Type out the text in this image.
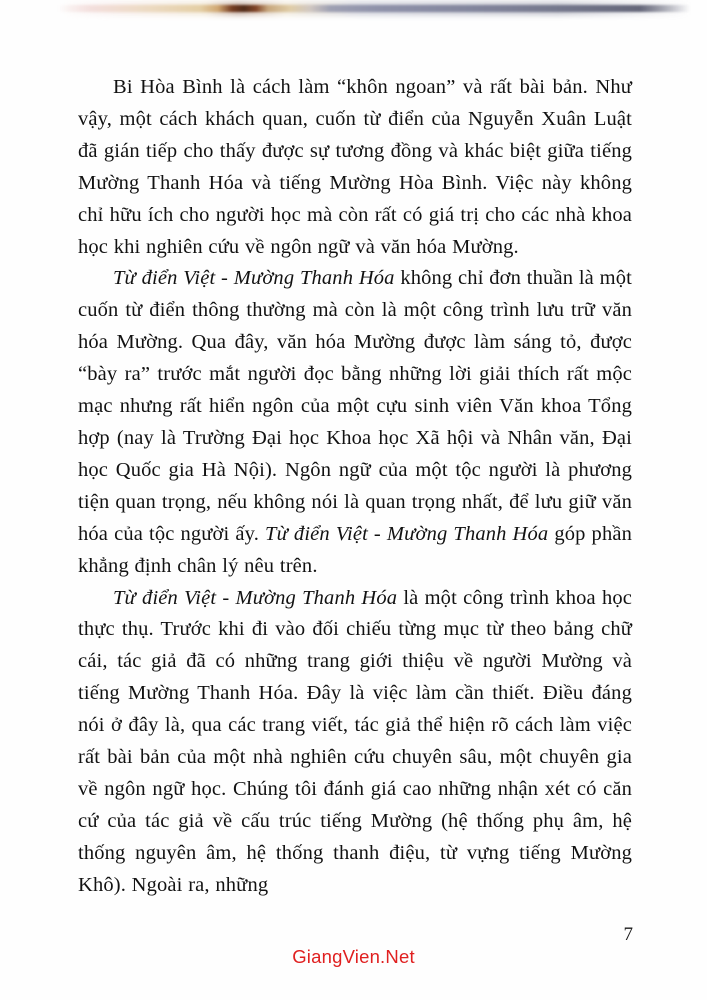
Bi Hòa Bình là cách làm “khôn ngoan” và rất bài bản. Như vậy, một cách khách quan, cuốn từ điển của Nguyễn Xuân Luật đã gián tiếp cho thấy được sự tương đồng và khác biệt giữa tiếng Mường Thanh Hóa và tiếng Mường Hòa Bình. Việc này không chỉ hữu ích cho người học mà còn rất có giá trị cho các nhà khoa học khi nghiên cứu về ngôn ngữ và văn hóa Mường.

Từ điển Việt - Mường Thanh Hóa không chỉ đơn thuần là một cuốn từ điển thông thường mà còn là một công trình lưu trữ văn hóa Mường. Qua đây, văn hóa Mường được làm sáng tỏ, được “bày ra” trước mắt người đọc bằng những lời giải thích rất mộc mạc nhưng rất hiển ngôn của một cựu sinh viên Văn khoa Tổng hợp (nay là Trường Đại học Khoa học Xã hội và Nhân văn, Đại học Quốc gia Hà Nội). Ngôn ngữ của một tộc người là phương tiện quan trọng, nếu không nói là quan trọng nhất, để lưu giữ văn hóa của tộc người ấy. Từ điển Việt - Mường Thanh Hóa góp phần khẳng định chân lý nêu trên.

Từ điển Việt - Mường Thanh Hóa là một công trình khoa học thực thụ. Trước khi đi vào đối chiếu từng mục từ theo bảng chữ cái, tác giả đã có những trang giới thiệu về người Mường và tiếng Mường Thanh Hóa. Đây là việc làm cần thiết. Điều đáng nói ở đây là, qua các trang viết, tác giả thể hiện rõ cách làm việc rất bài bản của một nhà nghiên cứu chuyên sâu, một chuyên gia về ngôn ngữ học. Chúng tôi đánh giá cao những nhận xét có căn cứ của tác giả về cấu trúc tiếng Mường (hệ thống phụ âm, hệ thống nguyên âm, hệ thống thanh điệu, từ vựng tiếng Mường Khô). Ngoài ra, những

7
GiangVien.Net
